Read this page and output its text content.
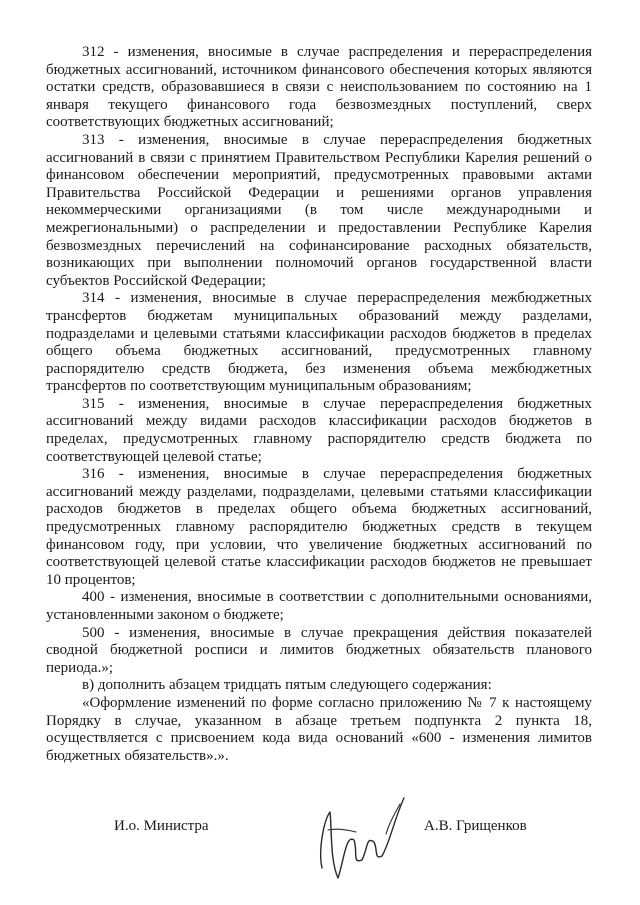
312 - изменения, вносимые в случае распределения и перераспределения бюджетных ассигнований, источником финансового обеспечения которых являются остатки средств, образовавшиеся в связи с неиспользованием по состоянию на 1 января текущего финансового года безвозмездных поступлений, сверх соответствующих бюджетных ассигнований;

313 - изменения, вносимые в случае перераспределения бюджетных ассигнований в связи с принятием Правительством Республики Карелия решений о финансовом обеспечении мероприятий, предусмотренных правовыми актами Правительства Российской Федерации и решениями органов управления некоммерческими организациями (в том числе международными и межрегиональными) о распределении и предоставлении Республике Карелия безвозмездных перечислений на софинансирование расходных обязательств, возникающих при выполнении полномочий органов государственной власти субъектов Российской Федерации;

314 - изменения, вносимые в случае перераспределения межбюджетных трансфертов бюджетам муниципальных образований между разделами, подразделами и целевыми статьями классификации расходов бюджетов в пределах общего объема бюджетных ассигнований, предусмотренных главному распорядителю средств бюджета, без изменения объема межбюджетных трансфертов по соответствующим муниципальным образованиям;

315 - изменения, вносимые в случае перераспределения бюджетных ассигнований между видами расходов классификации расходов бюджетов в пределах, предусмотренных главному распорядителю средств бюджета по соответствующей целевой статье;

316 - изменения, вносимые в случае перераспределения бюджетных ассигнований между разделами, подразделами, целевыми статьями классификации расходов бюджетов в пределах общего объема бюджетных ассигнований, предусмотренных главному распорядителю бюджетных средств в текущем финансовом году, при условии, что увеличение бюджетных ассигнований по соответствующей целевой статье классификации расходов бюджетов не превышает 10 процентов;

400 - изменения, вносимые в соответствии с дополнительными основаниями, установленными законом о бюджете;

500 - изменения, вносимые в случае прекращения действия показателей сводной бюджетной росписи и лимитов бюджетных обязательств планового периода.»;

в) дополнить абзацем тридцать пятым следующего содержания:

«Оформление изменений по форме согласно приложению № 7 к настоящему Порядку в случае, указанном в абзаце третьем подпункта 2 пункта 18, осуществляется с присвоением кода вида оснований «600 - изменения лимитов бюджетных обязательств».».

И.о. Министра	А.В. Грищенков
